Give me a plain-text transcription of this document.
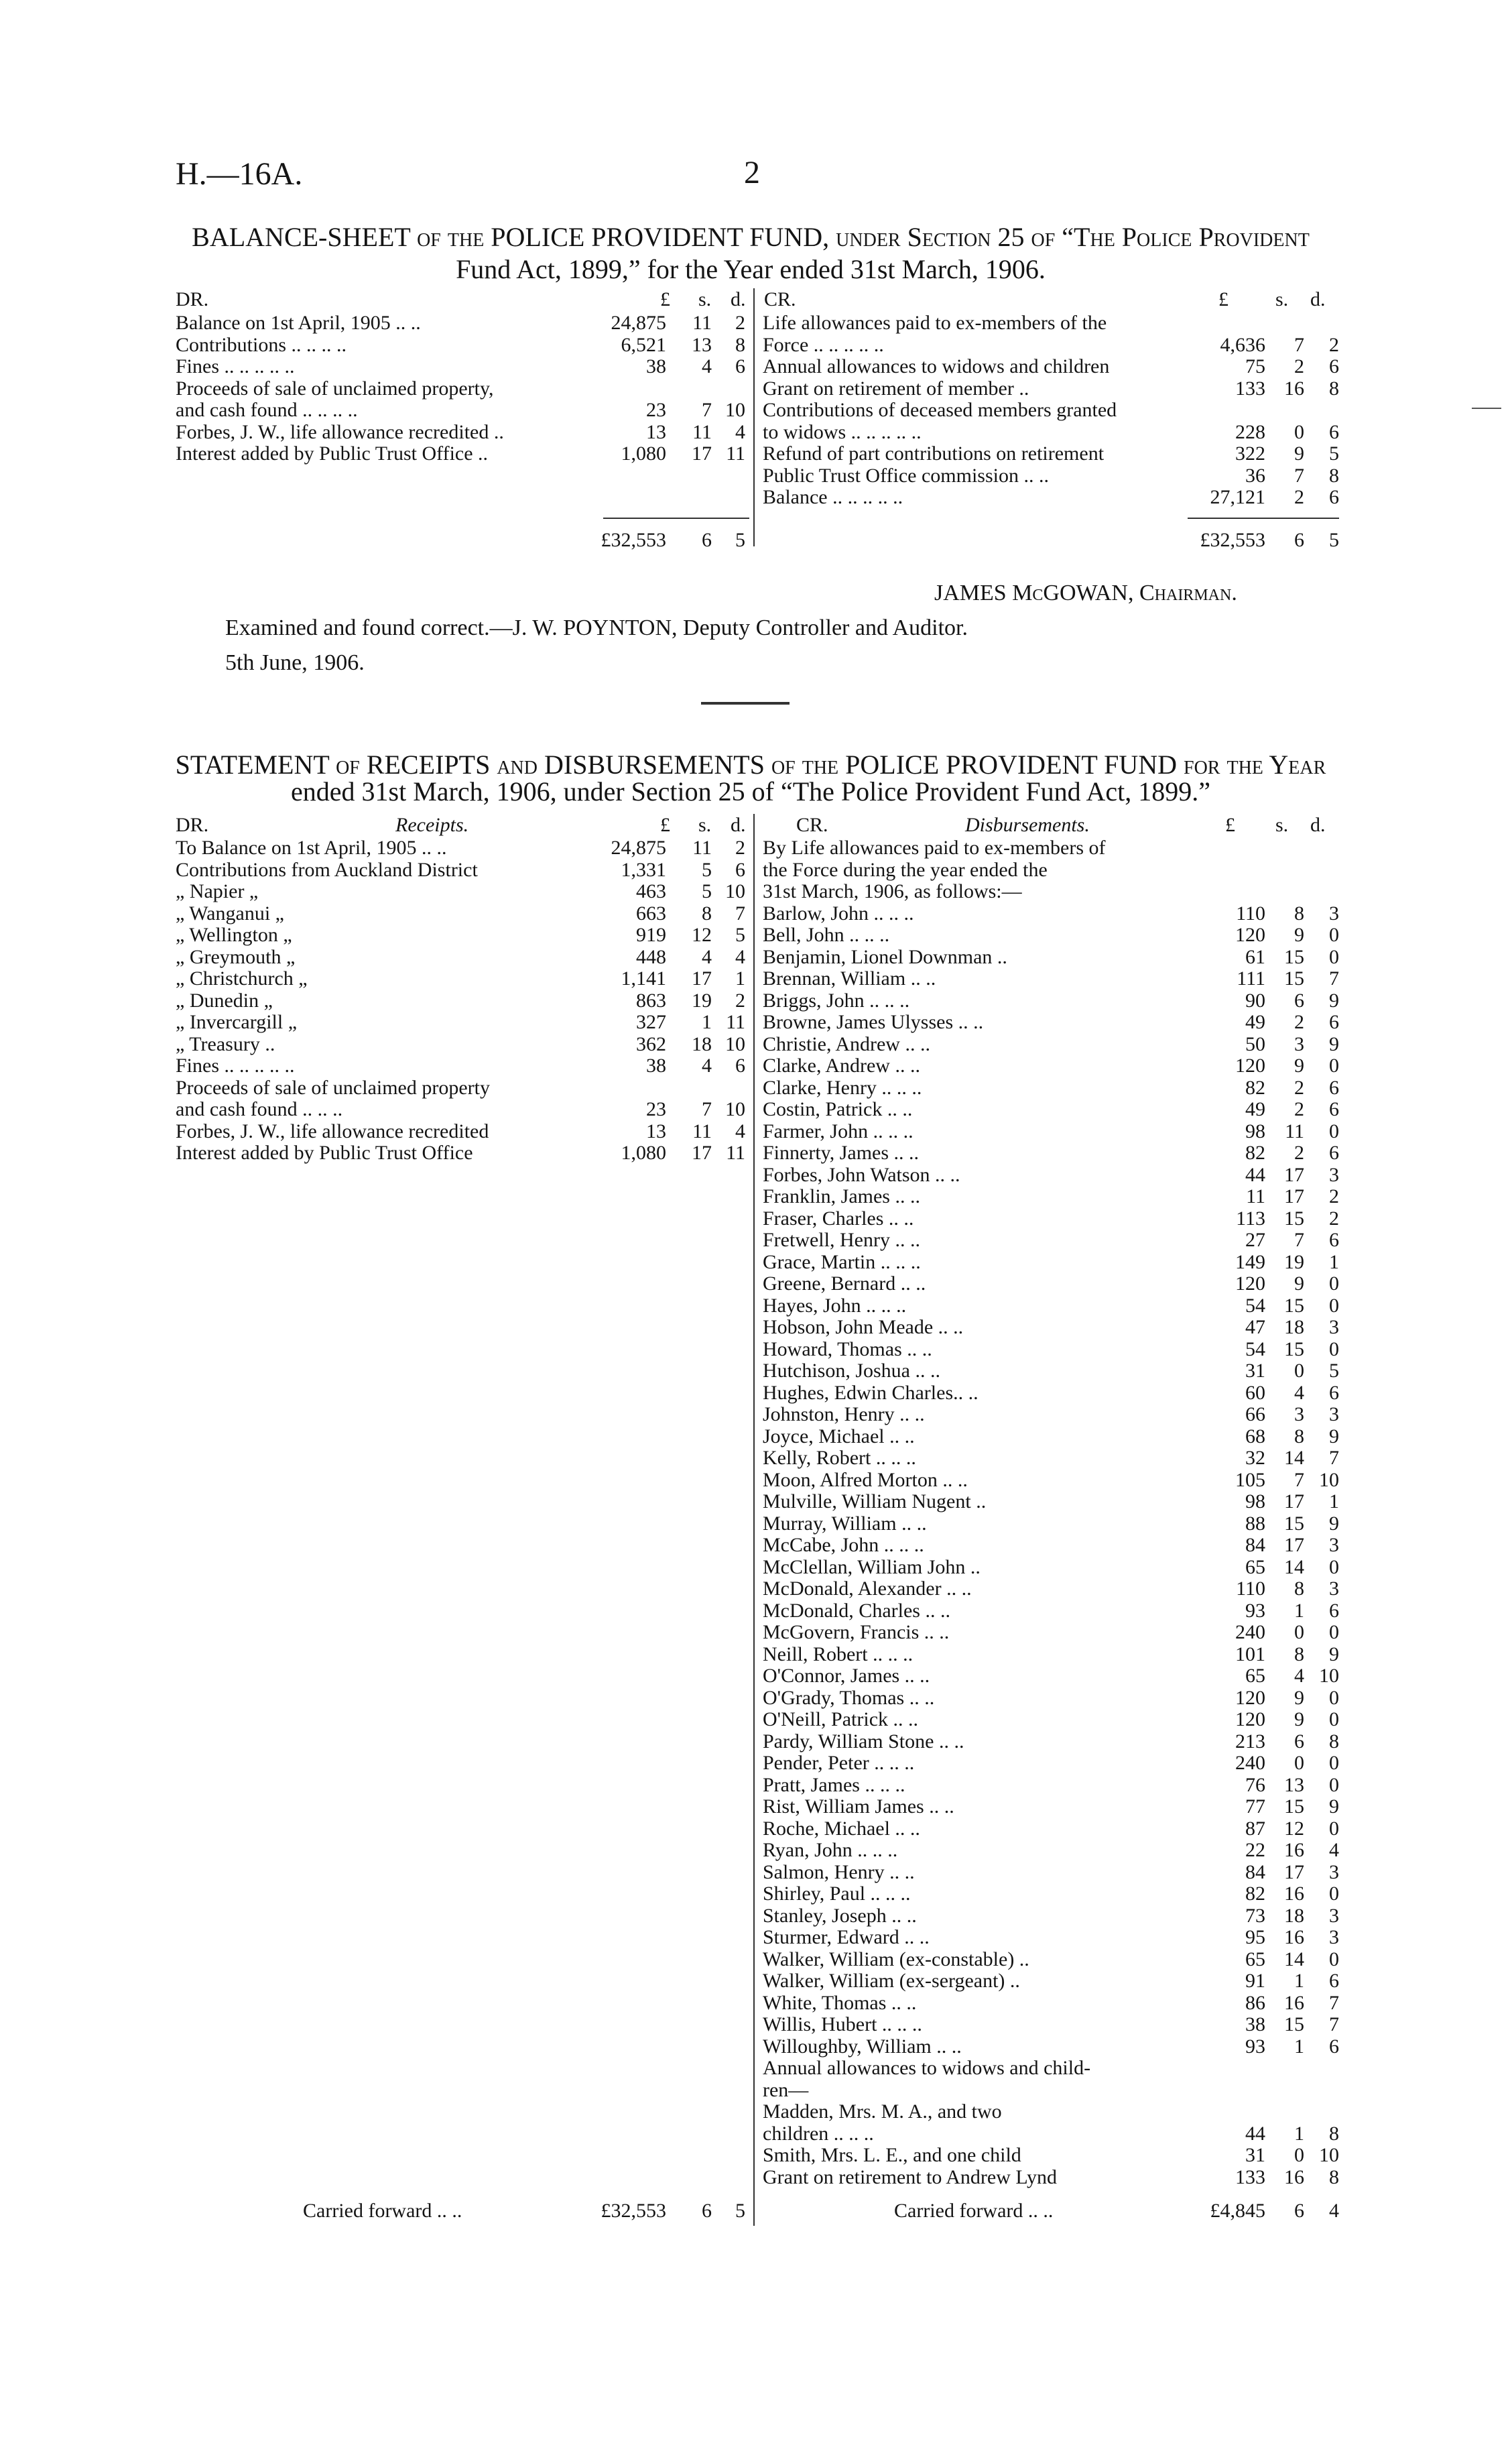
H.—16A.	2
BALANCE-SHEET of the POLICE PROVIDENT FUND, under Section 25 of “The Police Provident
Fund Act, 1899,” for the Year ended 31st March, 1906.
DR.	£ s. d. CR.	£ s. d.
Balance on 1st April, 1905 .. ..	24,875	11	2
Contributions .. .. .. ..	6,521	13	8
Fines .. .. .. .. ..	38	4	6
Proceeds of sale of unclaimed property,
and cash found .. .. .. ..	23	7 10
Forbes, J. W., life allowance recredited ..	13	11	4
Interest added by Public Trust Office ..	1,080	17 11
Life allowances paid to ex-members of the
Force .. .. .. .. ..	4,636	7	2
Annual allowances to widows and children	75	2	6
Grant on retirement of member ..	133 16	8
Contributions of deceased members granted
to widows .. .. .. .. ..	228	0	6
Refund of part contributions on retirement	322	9	5
Public Trust Office commission .. ..	36	7	8
Balance .. .. .. .. ..	27,121	2	6
£32,553	6	5	£32,553	6	5
JAMES McGOWAN, Chairman.
Examined and found correct.—J. W. POYNTON, Deputy Controller and Auditor.
5th June, 1906.
STATEMENT of RECEIPTS and DISBURSEMENTS of the POLICE PROVIDENT FUND for the Year
ended 31st March, 1906, under Section 25 of “The Police Provident Fund Act, 1899.”
DR.	Receipts.	£ s. d.	CR.	Disbursements.	£ s. d.
To Balance on 1st April, 1905 .. ..	24,875	11	2
Contributions from Auckland District	1,331	5	6
„ Napier „	463	5 10
„ Wanganui „	663	8	7
„ Wellington „	919	12	5
„ Greymouth „	448	4	4
„ Christchurch „	1,141	17	1
„ Dunedin „	863	19	2
„ Invercargill „	327	1 11
„ Treasury ..	362	18 10
Fines .. .. .. .. ..	38	4	6
Proceeds of sale of unclaimed property
and cash found .. .. ..	23	7 10
Forbes, J. W., life allowance recredited	13	11	4
Interest added by Public Trust Office	1,080	17 11
By Life allowances paid to ex-members of
the Force during the year ended the
31st March, 1906, as follows:—
Barlow, John .. .. ..	110	8	3
Bell, John .. .. ..	120	9	0
Benjamin, Lionel Downman ..	61 15	0
Brennan, William .. ..	111 15	7
Briggs, John .. .. ..	90	6	9
Browne, James Ulysses .. ..	49	2	6
Christie, Andrew .. ..	50	3	9
Clarke, Andrew .. ..	120	9	0
Clarke, Henry .. .. ..	82	2	6
Costin, Patrick .. ..	49	2	6
Farmer, John .. .. ..	98 11	0
Finnerty, James .. ..	82	2	6
Forbes, John Watson .. ..	44 17	3
Franklin, James .. ..	11 17	2
Fraser, Charles .. ..	113 15	2
Fretwell, Henry .. ..	27	7	6
Grace, Martin .. .. ..	149 19	1
Greene, Bernard .. ..	120	9	0
Hayes, John .. .. ..	54 15	0
Hobson, John Meade .. ..	47 18	3
Howard, Thomas .. ..	54 15	0
Hutchison, Joshua .. ..	31	0	5
Hughes, Edwin Charles.. ..	60	4	6
Johnston, Henry .. ..	66	3	3
Joyce, Michael .. ..	68	8	9
Kelly, Robert .. .. ..	32 14	7
Moon, Alfred Morton .. ..	105	7 10
Mulville, William Nugent ..	98 17	1
Murray, William .. ..	88 15	9
McCabe, John .. .. ..	84 17	3
McClellan, William John ..	65 14	0
McDonald, Alexander .. ..	110	8	3
McDonald, Charles .. ..	93	1	6
McGovern, Francis .. ..	240	0	0
Neill, Robert .. .. ..	101	8	9
O'Connor, James .. ..	65	4 10
O'Grady, Thomas .. ..	120	9	0
O'Neill, Patrick .. ..	120	9	0
Pardy, William Stone .. ..	213	6	8
Pender, Peter .. .. ..	240	0	0
Pratt, James .. .. ..	76 13	0
Rist, William James .. ..	77 15	9
Roche, Michael .. ..	87 12	0
Ryan, John .. .. ..	22 16	4
Salmon, Henry .. ..	84 17	3
Shirley, Paul .. .. ..	82 16	0
Stanley, Joseph .. ..	73 18	3
Sturmer, Edward .. ..	95 16	3
Walker, William (ex-constable) ..	65 14	0
Walker, William (ex-sergeant) ..	91	1	6
White, Thomas .. ..	86 16	7
Willis, Hubert .. .. ..	38 15	7
Willoughby, William .. ..	93	1	6
Annual allowances to widows and child-
ren—
Madden, Mrs. M. A., and two
children .. .. ..	44	1	8
Smith, Mrs. L. E., and one child	31	0 10
Grant on retirement to Andrew Lynd	133 16	8
Carried forward .. ..	£32,553	6	5	Carried forward .. ..	£4,845	6	4
